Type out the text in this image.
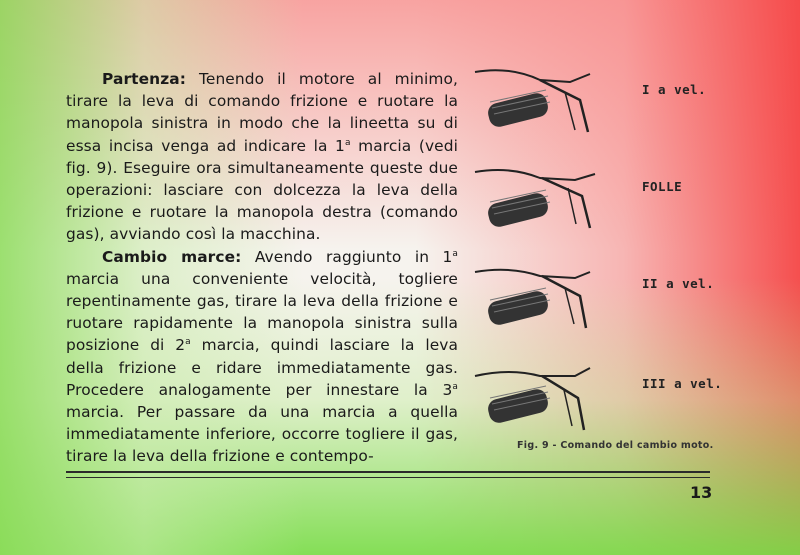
Partenza: Tenendo il motore al minimo, tirare la leva di comando frizione e ruotare la manopola sinistra in modo che la lineetta su di essa incisa venga ad indicare la 1$^a$ marcia (vedi fig. 9). Eseguire ora simultaneamente queste due operazioni: lasciare con dolcezza la leva della frizione e ruotare la manopola destra (comando gas), avviando così la macchina.

Cambio marce: Avendo raggiunto in 1$^a$ marcia una conveniente velocità, togliere repentinamente gas, tirare la leva della frizione e ruotare rapidamente la manopola sinistra sulla posizione di 2$^a$ marcia, quindi lasciare la leva della frizione e ridare immediatamente gas. Procedere analogamente per innestare la 3$^a$ marcia. Per passare da una marcia a quella immediatamente inferiore, occorre togliere il gas, tirare la leva della frizione e contempo-

I a vel.
FOLLE
II a vel.
III a vel.
Fig. 9 - Comando del cambio moto.
13
